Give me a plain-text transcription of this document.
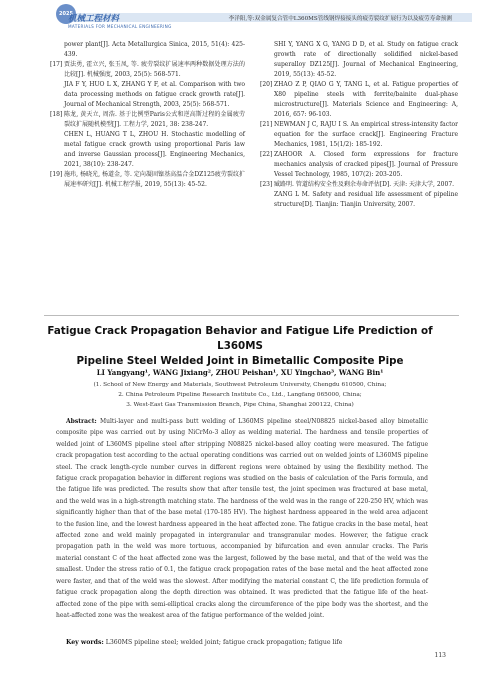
2025
机械工程材料
MATERIALS FOR MECHANICAL ENGINEERING
李洋阳,等:双金属复合管中L360MS管线钢焊接接头的疲劳裂纹扩展行为以及疲劳寿命预测
power plant[J]. Acta Metallurgica Sinica, 2015, 51(4): 425-439.
[17] 贾法勇, 霍立兴, 张玉凤, 等. 疲劳裂纹扩展速率两种数据处理方法的比较[J]. 机械强度, 2003, 25(5): 568-571.
JIA F Y, HUO L X, ZHANG Y F, et al. Comparison with two data processing methods on fatigue crack growth rate[J]. Journal of Mechanical Strength, 2003, 25(5): 568-571.
[18] 陈龙, 黄天立, 周浩. 基于比例型Paris公式和逆高斯过程的金属疲劳裂纹扩展随机模型[J]. 工程力学, 2021, 38: 238-247.
CHEN L, HUANG T L, ZHOU H. Stochastic modelling of metal fatigue crack growth using proportional Paris law and inverse Gaussian process[J]. Engineering Mechanics, 2021, 38(10): 238-247.
[19] 施玮, 杨晓光, 杨道金, 等. 定向凝固镍基高温合金DZ125疲劳裂纹扩展速率研究[J]. 机械工程学报, 2019, 55(13): 45-52.
SHI Y, YANG X G, YANG D D, et al. Study on fatigue crack growth rate of directionally solidified nickel-based superalloy DZ125[J]. Journal of Mechanical Engineering, 2019, 55(13): 45-52.
[20] ZHAO Z P, QIAO G Y, TANG L, et al. Fatigue properties of X80 pipeline steels with ferrite/bainite dual-phase microstructure[J]. Materials Science and Engineering: A, 2016, 657: 96-103.
[21] NEWMAN J C, RAJU I S. An empirical stress-intensity factor equation for the surface crack[J]. Engineering Fracture Mechanics, 1981, 15(1/2): 185-192.
[22] ZAHOOR A. Closed form expressions for fracture mechanics analysis of cracked pipes[J]. Journal of Pressure Vessel Technology, 1985, 107(2): 203-205.
[23] 臧路明. 管道结构安全性及剩余寿命评估[D]. 天津: 天津大学, 2007.
ZANG L M. Safety and residual life assessment of pipeline structure[D]. Tianjin: Tianjin University, 2007.
Fatigue Crack Propagation Behavior and Fatigue Life Prediction of L360MS
Pipeline Steel Welded Joint in Bimetallic Composite Pipe
LI Yangyang¹, WANG Jixiang², ZHOU Peishan¹, XU Yingchao³, WANG Bin¹
(1. School of New Energy and Materials, Southwest Petroleum University, Chengdu 610500, China;
2. China Petroleum Pipeline Research Institute Co., Ltd., Langfang 065000, China;
3. West-East Gas Transmission Branch, Pipe China, Shanghai 200122, China)
Abstract: Multi-layer and multi-pass butt welding of L360MS pipeline steel/N08825 nickel-based alloy bimetallic composite pipe was carried out by using NiCrMo-3 alloy as welding material. The hardness and tensile properties of welded joint of L360MS pipeline steel after stripping N08825 nickel-based alloy coating were measured. The fatigue crack propagation test according to the actual operating conditions was carried out on welded joints of L360MS pipeline steel. The crack length-cycle number curves in different regions were obtained by using the flexibility method. The fatigue crack propagation behavior in different regions was studied on the basis of calculation of the Paris formula, and the fatigue life was predicted. The results show that after tensile test, the joint specimen was fractured at base metal, and the weld was in a high-strength matching state. The hardness of the weld was in the range of 220-250 HV, which was significantly higher than that of the base metal (170-185 HV). The highest hardness appeared in the weld area adjacent to the fusion line, and the lowest hardness appeared in the heat affected zone. The fatigue cracks in the base metal, heat affected zone and weld mainly propagated in intergranular and transgranular modes. However, the fatigue crack propagation path in the weld was more tortuous, accompanied by bifurcation and even annular cracks. The Paris material constant C of the heat affected zone was the largest, followed by the base metal, and that of the weld was the smallest. Under the stress ratio of 0.1, the fatigue crack propagation rates of the base metal and the heat affected zone were faster, and that of the weld was the slowest. After modifying the material constant C, the life prediction formula of fatigue crack propagation along the depth direction was obtained. It was predicted that the fatigue life of the heat-affected zone of the pipe with semi-elliptical cracks along the circumference of the pipe body was the shortest, and the heat-affected zone was the weakest area of the fatigue performance of the welded joint.
Key words: L360MS pipeline steel; welded joint; fatigue crack propagation; fatigue life
113
